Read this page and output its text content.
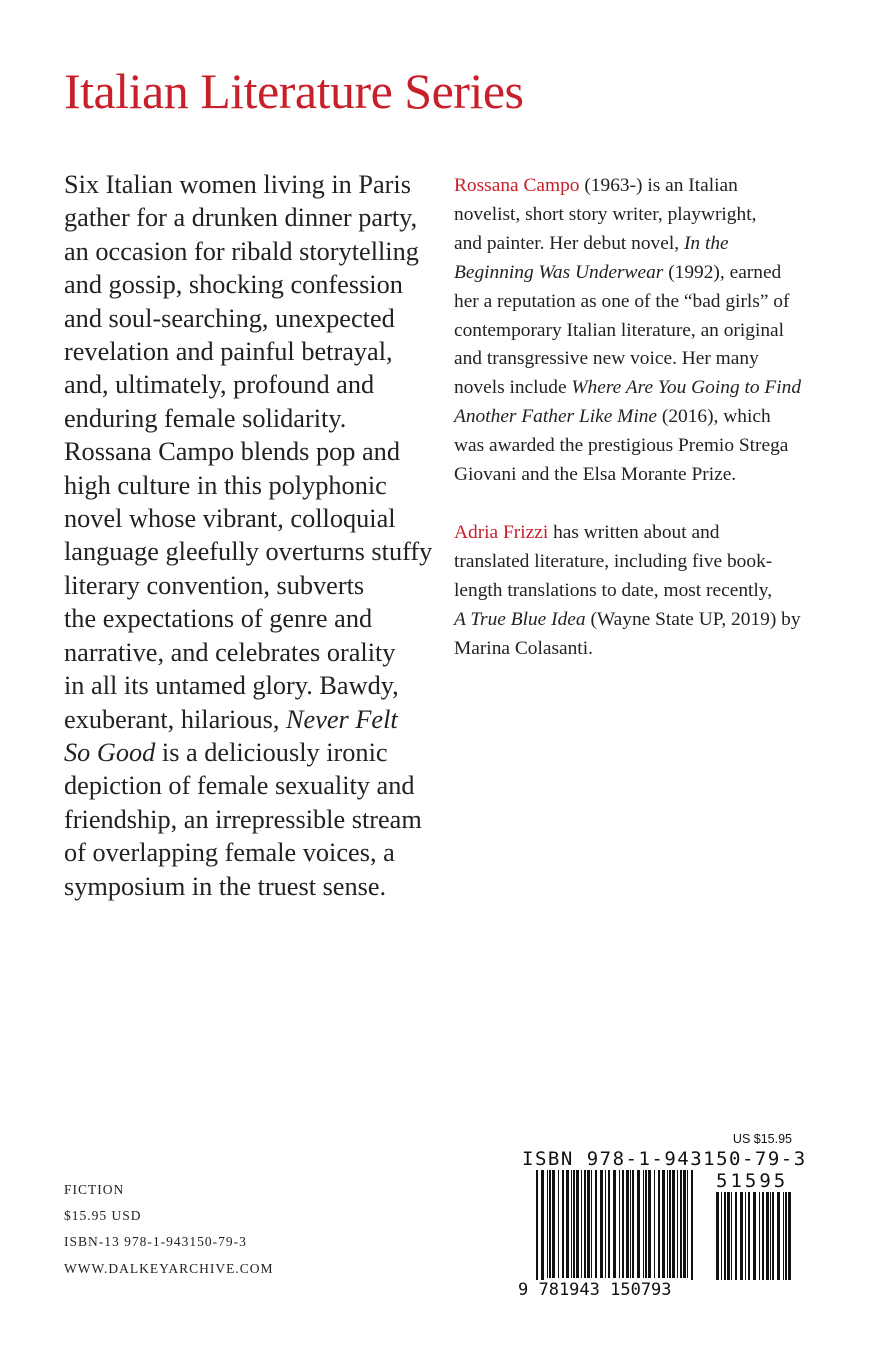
Italian Literature Series
Six Italian women living in Paris
gather for a drunken dinner party,
an occasion for ribald storytelling
and gossip, shocking confession
and soul-searching, unexpected
revelation and painful betrayal,
and, ultimately, profound and
enduring female solidarity.
Rossana Campo blends pop and
high culture in this polyphonic
novel whose vibrant, colloquial
language gleefully overturns stuffy
literary convention, subverts
the expectations of genre and
narrative, and celebrates orality
in all its untamed glory. Bawdy,
exuberant, hilarious, Never Felt
So Good is a deliciously ironic
depiction of female sexuality and
friendship, an irrepressible stream
of overlapping female voices, a
symposium in the truest sense.
Rossana Campo (1963-) is an Italian
novelist, short story writer, playwright,
and painter. Her debut novel, In the
Beginning Was Underwear (1992), earned
her a reputation as one of the “bad girls” of
contemporary Italian literature, an original
and transgressive new voice. Her many
novels include Where Are You Going to Find
Another Father Like Mine (2016), which
was awarded the prestigious Premio Strega
Giovani and the Elsa Morante Prize.
Adria Frizzi has written about and
translated literature, including five book-
length translations to date, most recently,
A True Blue Idea (Wayne State UP, 2019) by
Marina Colasanti.
FICTION
$15.95 USD
ISBN-13 978-1-943150-79-3
WWW.DALKEYARCHIVE.COM
US $15.95
ISBN 978-1-943150-79-3
51595
9 781943 150793
